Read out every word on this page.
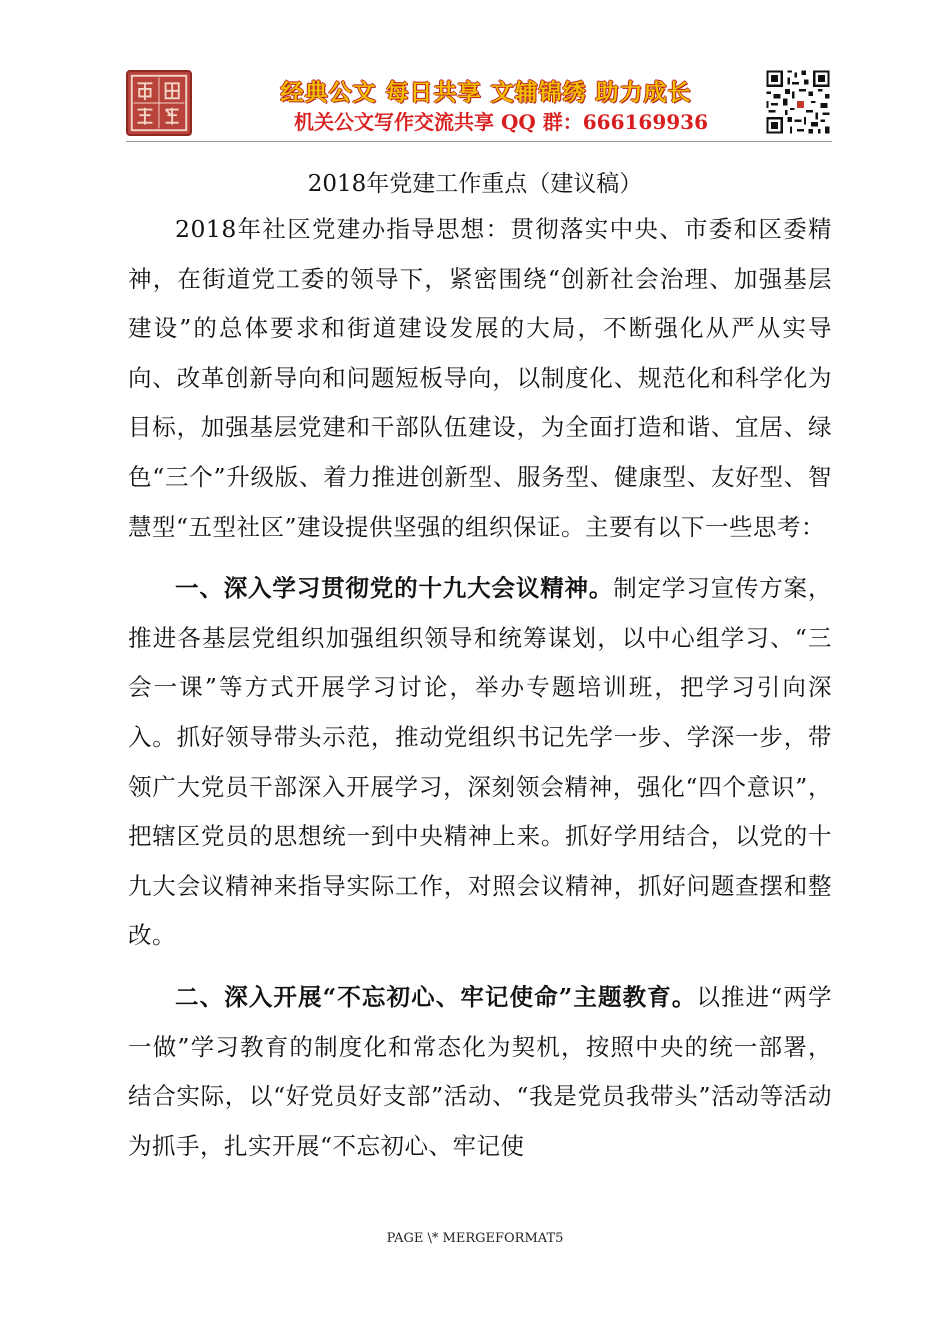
经典公文 每日共享 文辅锦绣 助力成长
机关公文写作交流共享 QQ 群：666169936
2018年党建工作重点（建议稿）

2018年社区党建办指导思想：贯彻落实中央、市委和区委精神，在街道党工委的领导下，紧密围绕“创新社会治理、加强基层建设”的总体要求和街道建设发展的大局，不断强化从严从实导向、改革创新导向和问题短板导向，以制度化、规范化和科学化为目标，加强基层党建和干部队伍建设，为全面打造和谐、宜居、绿色“三个”升级版、着力推进创新型、服务型、健康型、友好型、智慧型“五型社区”建设提供坚强的组织保证。主要有以下一些思考：

一、深入学习贯彻党的十九大会议精神。制定学习宣传方案，推进各基层党组织加强组织领导和统筹谋划，以中心组学习、“三会一课”等方式开展学习讨论，举办专题培训班，把学习引向深入。抓好领导带头示范，推动党组织书记先学一步、学深一步，带领广大党员干部深入开展学习，深刻领会精神，强化“四个意识”，把辖区党员的思想统一到中央精神上来。抓好学用结合，以党的十九大会议精神来指导实际工作，对照会议精神，抓好问题查摆和整改。

二、深入开展“不忘初心、牢记使命”主题教育。以推进“两学一做”学习教育的制度化和常态化为契机，按照中央的统一部署，结合实际，以“好党员好支部”活动、“我是党员我带头”活动等活动为抓手，扎实开展“不忘初心、牢记使

PAGE \* MERGEFORMAT5
